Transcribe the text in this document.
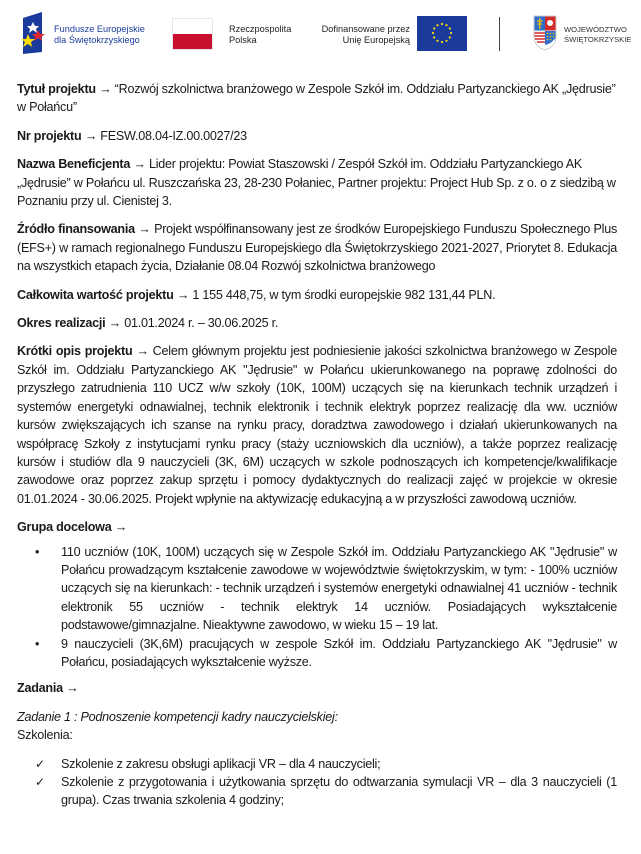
Fundusze Europejskie
dla Świętokrzyskiego
Rzeczpospolita
Polska
Dofinansowane przez
Unię Europejską
WOJEWÓDZTWO
ŚWIĘTOKRZYSKIE

Tytuł projektu → “Rozwój szkolnictwa branżowego w Zespole Szkół im. Oddziału Partyzanckiego AK „Jędrusie” w Połańcu”

Nr projektu → FESW.08.04-IZ.00.0027/23

Nazwa Beneficjenta → Lider projektu: Powiat Staszowski / Zespół Szkół im. Oddziału Partyzanckiego AK „Jędrusie” w Połańcu ul. Ruszczańska 23, 28-230 Połaniec, Partner projektu: Project Hub Sp. z o. o z siedzibą w Poznaniu przy ul. Cienistej 3.

Źródło finansowania → Projekt współfinansowany jest ze środków Europejskiego Funduszu Społecznego Plus (EFS+) w ramach regionalnego Funduszu Europejskiego dla Świętokrzyskiego 2021-2027, Priorytet 8. Edukacja na wszystkich etapach życia, Działanie 08.04 Rozwój szkolnictwa branżowego

Całkowita wartość projektu → 1 155 448,75, w tym środki europejskie 982 131,44 PLN.

Okres realizacji → 01.01.2024 r. – 30.06.2025 r.

Krótki opis projektu → Celem głównym projektu jest podniesienie jakości szkolnictwa branżowego w Zespole Szkół im. Oddziału Partyzanckiego AK "Jędrusie" w Połańcu ukierunkowanego na poprawę zdolności do przyszłego zatrudnienia 110 UCZ w/w szkoły (10K, 100M) uczących się na kierunkach technik urządzeń i systemów energetyki odnawialnej, technik elektronik i technik elektryk poprzez realizację dla ww. uczniów kursów zwiększających ich szanse na rynku pracy, doradztwa zawodowego i działań ukierunkowanych na współpracę Szkoły z instytucjami rynku pracy (staży uczniowskich dla uczniów), a także poprzez realizację kursów i studiów dla 9 nauczycieli (3K, 6M) uczących w szkole podnoszących ich kompetencje/kwalifikacje zawodowe oraz poprzez zakup sprzętu i pomocy dydaktycznych do realizacji zajęć w projekcie w okresie 01.01.2024 - 30.06.2025. Projekt wpłynie na aktywizację edukacyjną a w przyszłości zawodową uczniów.

Grupa docelowa →

• 110 uczniów (10K, 100M) uczących się w Zespole Szkół im. Oddziału Partyzanckiego AK "Jędrusie" w Połańcu prowadzącym kształcenie zawodowe w województwie świętokrzyskim, w tym: - 100% uczniów uczących się na kierunkach: - technik urządzeń i systemów energetyki odnawialnej 41 uczniów - technik elektronik 55 uczniów - technik elektryk 14 uczniów. Posiadających wykształcenie podstawowe/gimnazjalne. Nieaktywne zawodowo, w wieku 15 – 19 lat.
• 9 nauczycieli (3K,6M) pracujących w zespole Szkół im. Oddziału Partyzanckiego AK "Jędrusie" w Połańcu, posiadających wykształcenie wyższe.

Zadania →

Zadanie 1 : Podnoszenie kompetencji kadry nauczycielskiej:
Szkolenia:

✓ Szkolenie z zakresu obsługi aplikacji VR – dla 4 nauczycieli;
✓ Szkolenie z przygotowania i użytkowania sprzętu do odtwarzania symulacji VR – dla 3 nauczycieli (1 grupa). Czas trwania szkolenia 4 godziny;
